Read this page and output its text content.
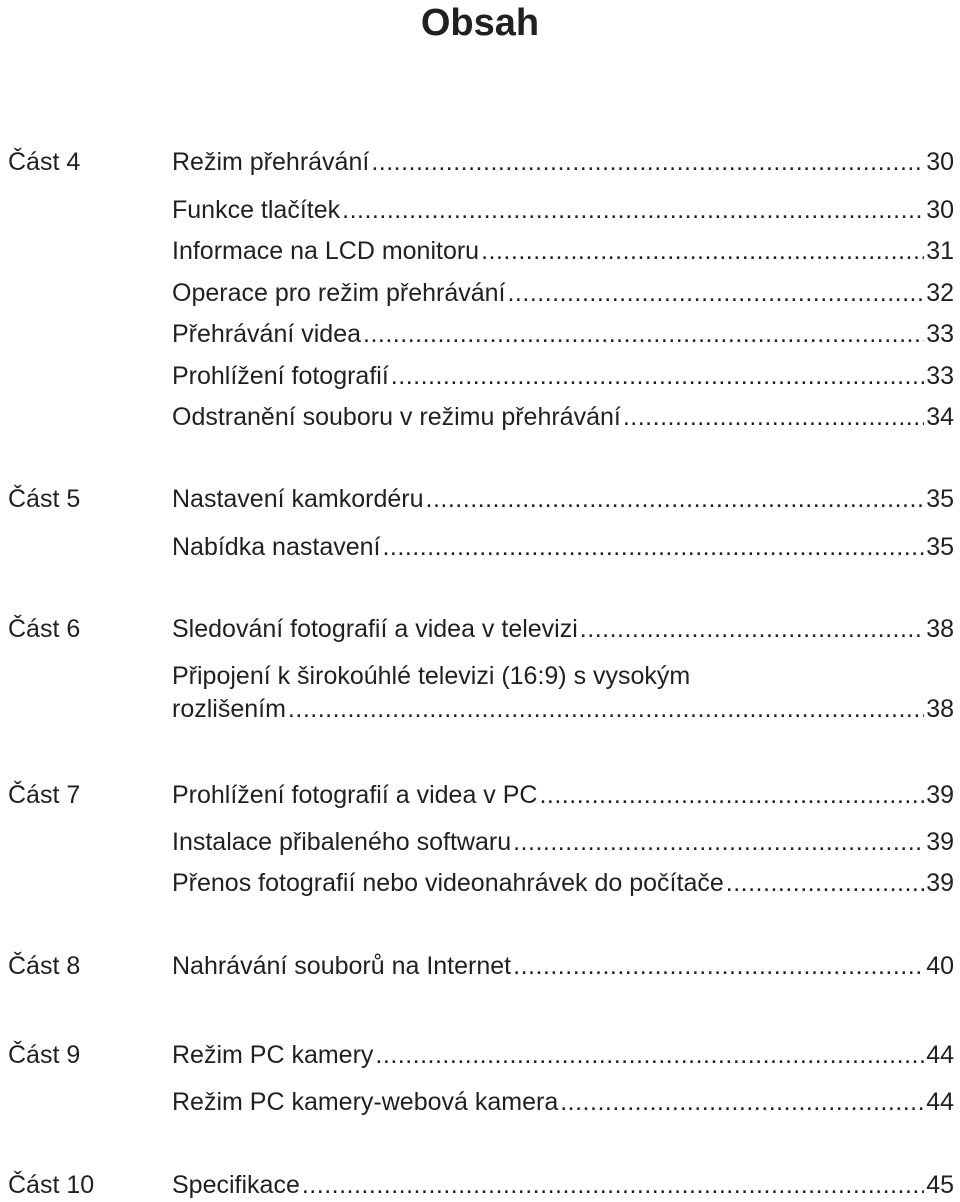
Obsah
Část 4	Režim přehrávání .....	30
Funkce tlačítek .....	30
Informace na LCD monitoru .....	31
Operace pro režim přehrávání .....	32
Přehrávání videa .....	33
Prohlížení fotografií .....	33
Odstranění souboru v režimu přehrávání .....	34
Část 5	Nastavení kamkordéru .....	35
Nabídka nastavení .....	35
Část 6	Sledování fotografií a videa v televizi .....	38
Připojení k širokoúhlé televizi (16:9) s vysokým
rozlišením .....	38
Část 7	Prohlížení fotografií a videa v PC .....	39
Instalace přibaleného softwaru .....	39
Přenos fotografií nebo videonahrávek do počítače .....	39
Část 8	Nahrávání souborů na Internet .....	40
Část 9	Režim PC kamery .....	44
Režim PC kamery-webová kamera .....	44
Část 10	Specifikace .....	45
